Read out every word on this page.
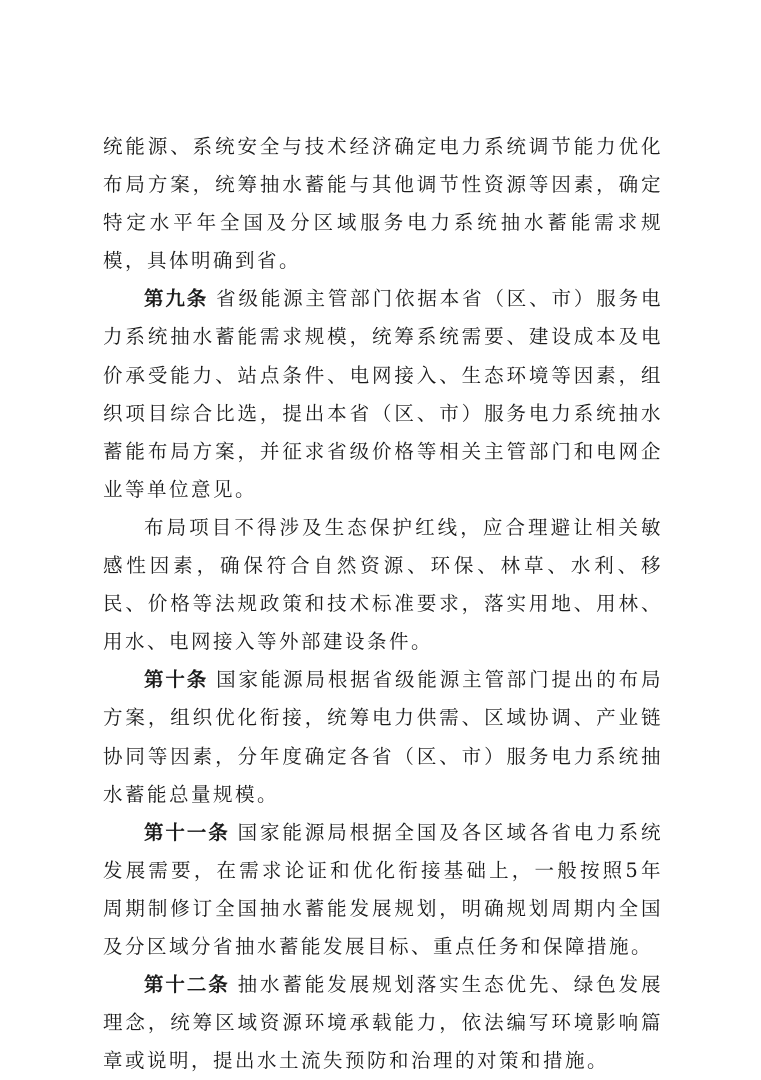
统能源、系统安全与技术经济确定电力系统调节能力优化布局方案，统筹抽水蓄能与其他调节性资源等因素，确定特定水平年全国及分区域服务电力系统抽水蓄能需求规模，具体明确到省。

第九条 省级能源主管部门依据本省（区、市）服务电力系统抽水蓄能需求规模，统筹系统需要、建设成本及电价承受能力、站点条件、电网接入、生态环境等因素，组织项目综合比选，提出本省（区、市）服务电力系统抽水蓄能布局方案，并征求省级价格等相关主管部门和电网企业等单位意见。

布局项目不得涉及生态保护红线，应合理避让相关敏感性因素，确保符合自然资源、环保、林草、水利、移民、价格等法规政策和技术标准要求，落实用地、用林、用水、电网接入等外部建设条件。

第十条 国家能源局根据省级能源主管部门提出的布局方案，组织优化衔接，统筹电力供需、区域协调、产业链协同等因素，分年度确定各省（区、市）服务电力系统抽水蓄能总量规模。

第十一条 国家能源局根据全国及各区域各省电力系统发展需要，在需求论证和优化衔接基础上，一般按照5年周期制修订全国抽水蓄能发展规划，明确规划周期内全国及分区域分省抽水蓄能发展目标、重点任务和保障措施。

第十二条 抽水蓄能发展规划落实生态优先、绿色发展理念，统筹区域资源环境承载能力，依法编写环境影响篇章或说明，提出水土流失预防和治理的对策和措施。
